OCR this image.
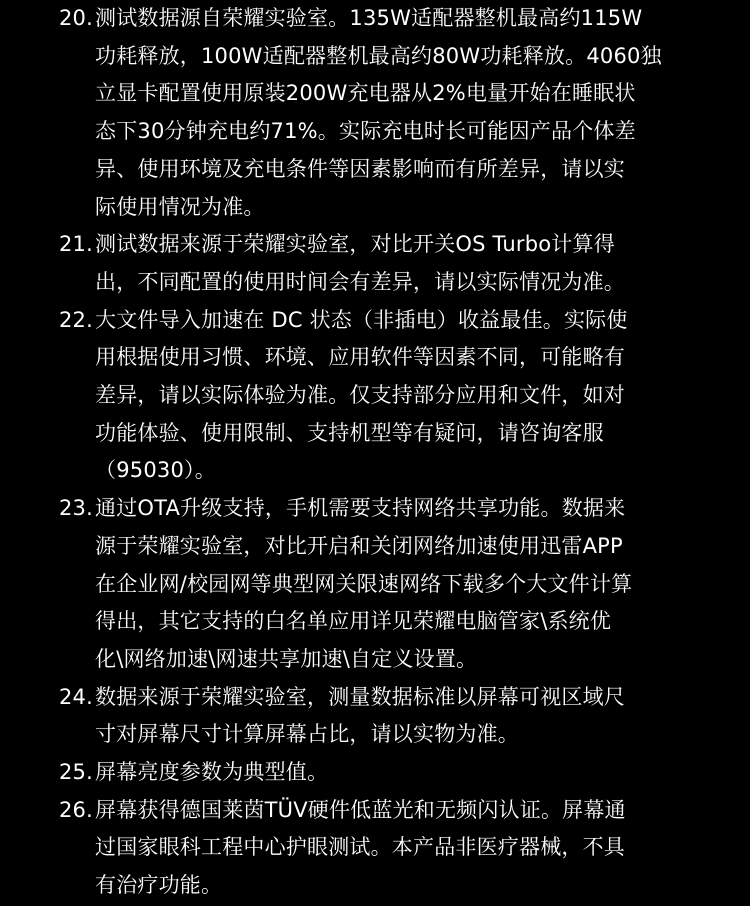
20. 测试数据源自荣耀实验室。135W适配器整机最高约115W
功耗释放，100W适配器整机最高约80W功耗释放。4060独
立显卡配置使用原装200W充电器从2%电量开始在睡眠状
态下30分钟充电约71%。实际充电时长可能因产品个体差
异、使用环境及充电条件等因素影响而有所差异，请以实
际使用情况为准。
21. 测试数据来源于荣耀实验室，对比开关OS Turbo计算得
出，不同配置的使用时间会有差异，请以实际情况为准。
22. 大文件导入加速在 DC 状态（非插电）收益最佳。实际使
用根据使用习惯、环境、应用软件等因素不同，可能略有
差异，请以实际体验为准。仅支持部分应用和文件，如对
功能体验、使用限制、支持机型等有疑问，请咨询客服
（95030）。
23. 通过OTA升级支持，手机需要支持网络共享功能。数据来
源于荣耀实验室，对比开启和关闭网络加速使用迅雷APP
在企业网/校园网等典型网关限速网络下载多个大文件计算
得出，其它支持的白名单应用详见荣耀电脑管家\系统优
化\网络加速\网速共享加速\自定义设置。
24. 数据来源于荣耀实验室，测量数据标准以屏幕可视区域尺
寸对屏幕尺寸计算屏幕占比，请以实物为准。
25. 屏幕亮度参数为典型值。
26. 屏幕获得德国莱茵TÜV硬件低蓝光和无频闪认证。屏幕通
过国家眼科工程中心护眼测试。本产品非医疗器械，不具
有治疗功能。
